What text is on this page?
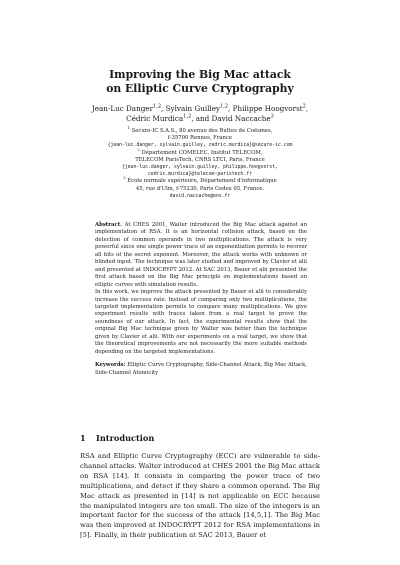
Improving the Big Mac attack
on Elliptic Curve Cryptography
Jean-Luc Danger$^{1,2}$, Sylvain Guilley$^{1,2}$, Philippe Hoogvorst$^2$,
Cédric Murdica$^{1,2}$, and David Naccache$^3$
$^1$ Secure-IC S.A.S., 80 avenue des Buttes de Coësmes,
f-35700 Rennes, France
{jean-luc.danger, sylvain.guilley, cedric.murdica}@secure-ic.com
$^2$ Département COMELEC, Institut TELECOM,
TELECOM ParisTech, CNRS LTCI, Paris, France
{jean-luc.danger, sylvain.guilley, philippe.hoogvorst,
cedric.murdica}@telecom-paristech.fr
$^3$ École normale supérieure, Département d'informatique
45, rue d'Ulm, f-75230, Paris Cedex 05, France.
david.naccache@ens.fr

Abstract. At CHES 2001, Walter introduced the Big Mac attack against an implementation of RSA. It is an horizontal collision attack, based on the detection of common operands in two multiplications. The attack is very powerful since one single power trace of an exponentiation permits to recover all bits of the secret exponent. Moreover, the attack works with unknown or blinded input. The technique was later studied and improved by Clavier et alii and presented at INDOCRYPT 2012. At SAC 2013, Bauer et alii presented the first attack based on the Big Mac principle on implementations based on elliptic curves with simulation results.

In this work, we improve the attack presented by Bauer et alii to considerably increase the success rate. Instead of comparing only two multiplications, the targeted implementation permits to compare many multiplications. We give experiment results with traces taken from a real target to prove the soundness of our attack. In fact, the experimental results show that the original Big Mac technique given by Walter was better than the technique given by Clavier et alii. With our experiments on a real target, we show that the theoretical improvements are not necessarily the more suitable methods depending on the targeted implementations.

Keywords: Elliptic Curve Cryptography, Side-Channel Attack, Big Mac Attack, Side-Channel Atomicity

1 Introduction

RSA and Elliptic Curve Cryptography (ECC) are vulnerable to side-channel attacks. Walter introduced at CHES 2001 the Big Mac attack on RSA [14]. It consists in comparing the power trace of two multiplications, and detect if they share a common operand. The Big Mac attack as presented in [14] is not applicable on ECC because the manipulated integers are too small. The size of the integers is an important factor for the success of the attack [14,5,1]. The Big Mac was then improved at INDOCRYPT 2012 for RSA implementations in [5]. Finally, in their publication at SAC 2013, Bauer et
